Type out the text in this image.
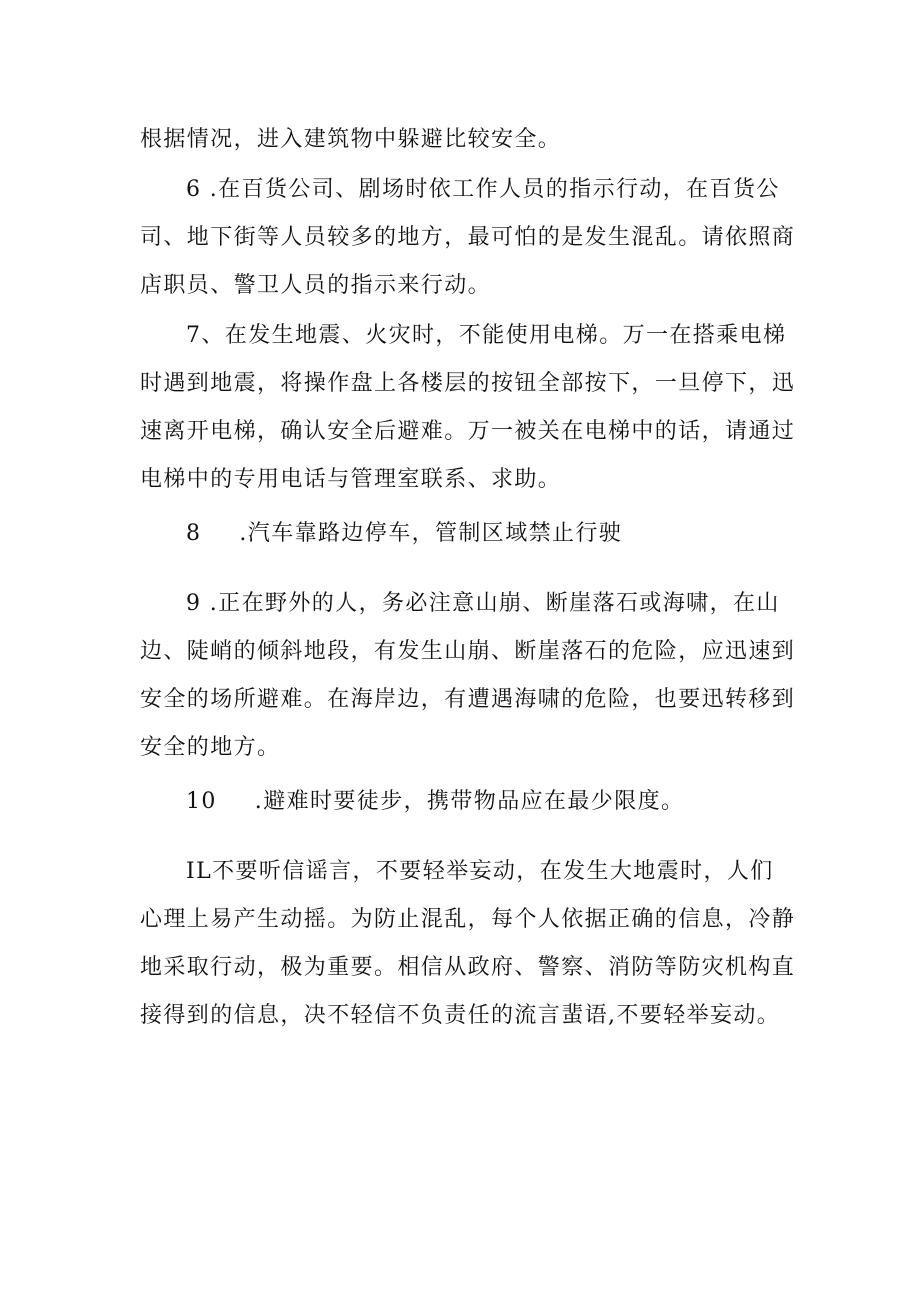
根据情况，进入建筑物中躲避比较安全。
6 .在百货公司、剧场时依工作人员的指示行动，在百货公
司、地下街等人员较多的地方，最可怕的是发生混乱。请依照商
店职员、警卫人员的指示来行动。
7、在发生地震、火灾时，不能使用电梯。万一在搭乘电梯
时遇到地震，将操作盘上各楼层的按钮全部按下，一旦停下，迅
速离开电梯，确认安全后避难。万一被关在电梯中的话，请通过
电梯中的专用电话与管理室联系、求助。
8 .汽车靠路边停车，管制区域禁止行驶
9 .正在野外的人，务必注意山崩、断崖落石或海啸，在山
边、陡峭的倾斜地段，有发生山崩、断崖落石的危险，应迅速到
安全的场所避难。在海岸边，有遭遇海啸的危险，也要迅转移到
安全的地方。
10 .避难时要徒步，携带物品应在最少限度。
IL不要听信谣言，不要轻举妄动，在发生大地震时，人们
心理上易产生动摇。为防止混乱，每个人依据正确的信息，冷静
地采取行动，极为重要。相信从政府、警察、消防等防灾机构直
接得到的信息，决不轻信不负责任的流言蜚语,不要轻举妄动。
